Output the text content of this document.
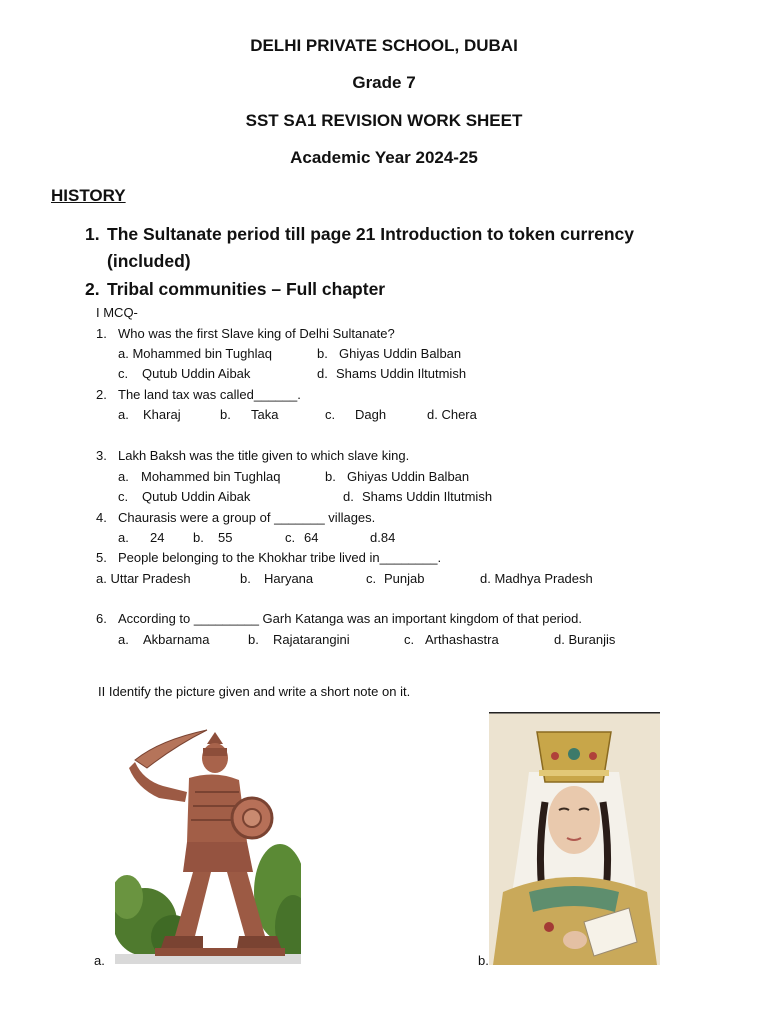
DELHI PRIVATE SCHOOL, DUBAI
Grade 7
SST SA1 REVISION WORK SHEET
Academic Year 2024-25
HISTORY
1. The Sultanate period till page 21 Introduction to token currency
(included)
2. Tribal communities – Full chapter
I MCQ-
1. Who was the first Slave king of Delhi Sultanate?
a. Mohammed bin Tughlaq	b. Ghiyas Uddin Balban
c. Qutub Uddin Aibak	d. Shams Uddin Iltutmish
2. The land tax was called______.
a. Kharaj	b. Taka	c. Dagh	d. Chera
3. Lakh Baksh was the title given to which slave king.
a. Mohammed bin Tughlaq	b. Ghiyas Uddin Balban
c. Qutub Uddin Aibak	d. Shams Uddin Iltutmish
4. Chaurasis were a group of _______ villages.
a. 24 b. 55	c. 64	d.84
5. People belonging to the Khokhar tribe lived in________.
a. Uttar Pradesh	b. Haryana	c. Punjab	d. Madhya Pradesh
6. According to _________ Garh Katanga was an important kingdom of that period.
a. Akbarnama	b. Rajatarangini	c. Arthashastra	d. Buranjis
II Identify the picture given and write a short note on it.
a.	b.
